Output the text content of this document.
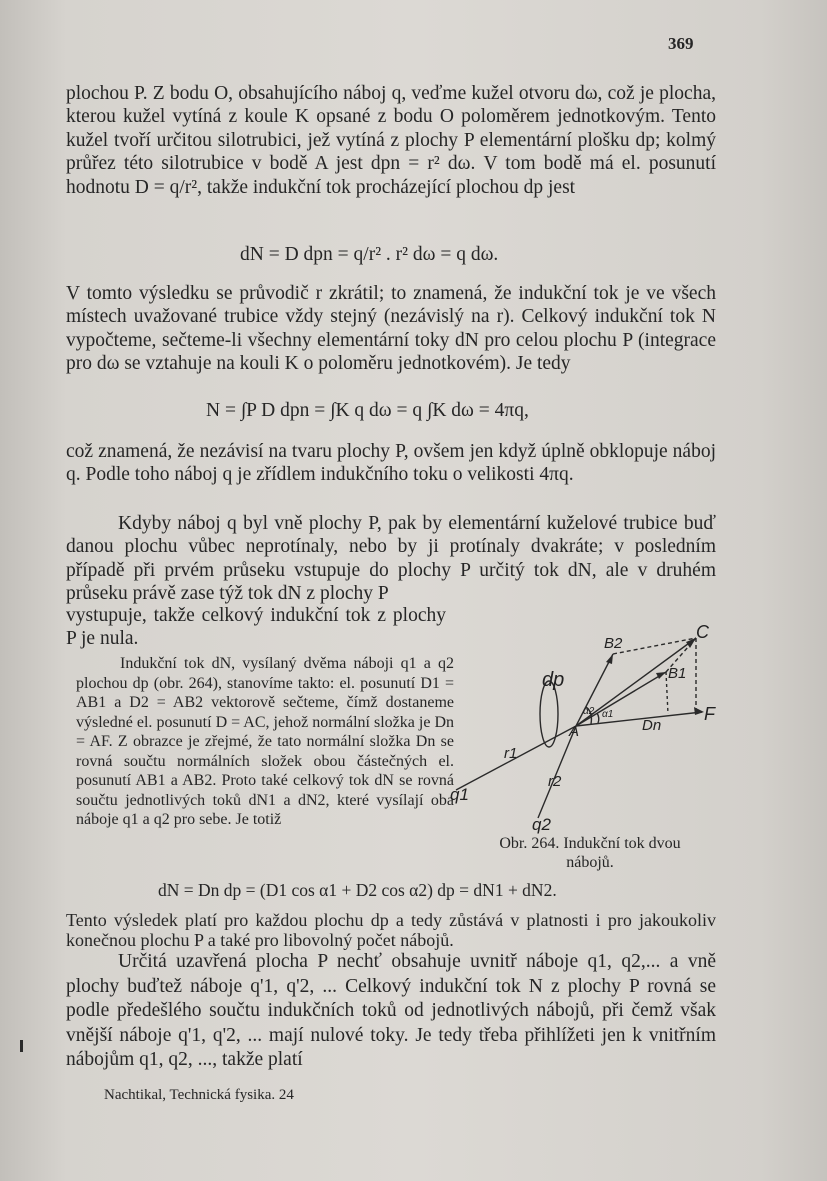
369
plochou P. Z bodu O, obsahujícího náboj q, veďme kužel otvoru dω, což je plocha, kterou kužel vytíná z koule K opsané z bodu O poloměrem jednotkovým. Tento kužel tvoří určitou silotrubici, jež vytíná z plochy P elementární plošku dp; kolmý průřez této silotrubice v bodě A jest dpn = r² dω. V tom bodě má el. posunutí hodnotu D = q/r², takže indukční tok procházející plochou dp jest
dN = D dpn = q/r² . r² dω = q dω.
V tomto výsledku se průvodič r zkrátil; to znamená, že indukční tok je ve všech místech uvažované trubice vždy stejný (nezávislý na r). Celkový indukční tok N vypočteme, sečteme-li všechny elementární toky dN pro celou plochu P (integrace pro dω se vztahuje na kouli K o poloměru jednotkovém). Je tedy
N = ∫P D dpn = ∫K q dω = q ∫K dω = 4πq,
což znamená, že nezávisí na tvaru plochy P, ovšem jen když úplně obklopuje náboj q. Podle toho náboj q je zřídlem indukčního toku o velikosti 4πq.
Kdyby náboj q byl vně plochy P, pak by elementární kuželové trubice buď danou plochu vůbec neprotínaly, nebo by ji protínaly dvakráte; v posledním případě při prvém průseku vstupuje do plochy P určitý tok dN, ale v druhém průseku právě zase týž tok dN z plochy P
vystupuje, takže celkový indukční tok z plochy P je nula.
Indukční tok dN, vysílaný dvěma náboji q1 a q2 plochou dp (obr. 264), stanovíme takto: el. posunutí D1 = AB1 a D2 = AB2 vektorově sečteme, čímž dostaneme výsledné el. posunutí D = AC, jehož normální složka je Dn = AF. Z obrazce je zřejmé, že tato normální složka Dn se rovná součtu normálních složek obou částečných el. posunutí AB1 a AB2. Proto také celkový tok dN se rovná součtu jednotlivých toků dN1 a dN2, které vysílají oba náboje q1 a q2 pro sebe. Je totiž
C
B2
B1
dp
A
α1
α2
Dn
F
r1
r2
q1
q2
Obr. 264. Indukční tok dvou nábojů.
dN = Dn dp = (D1 cos α1 + D2 cos α2) dp = dN1 + dN2.
Tento výsledek platí pro každou plochu dp a tedy zůstává v platnosti i pro jakoukoliv konečnou plochu P a také pro libovolný počet nábojů.
Určitá uzavřená plocha P nechť obsahuje uvnitř náboje q1, q2,... a vně plochy buďtež náboje q'1, q'2, ... Celkový indukční tok N z plochy P rovná se podle předešlého součtu indukčních toků od jednotlivých nábojů, při čemž však vnější náboje q'1, q'2, ... mají nulové toky. Je tedy třeba přihlížeti jen k vnitřním nábojům q1, q2, ..., takže platí
Nachtikal, Technická fysika. 24
